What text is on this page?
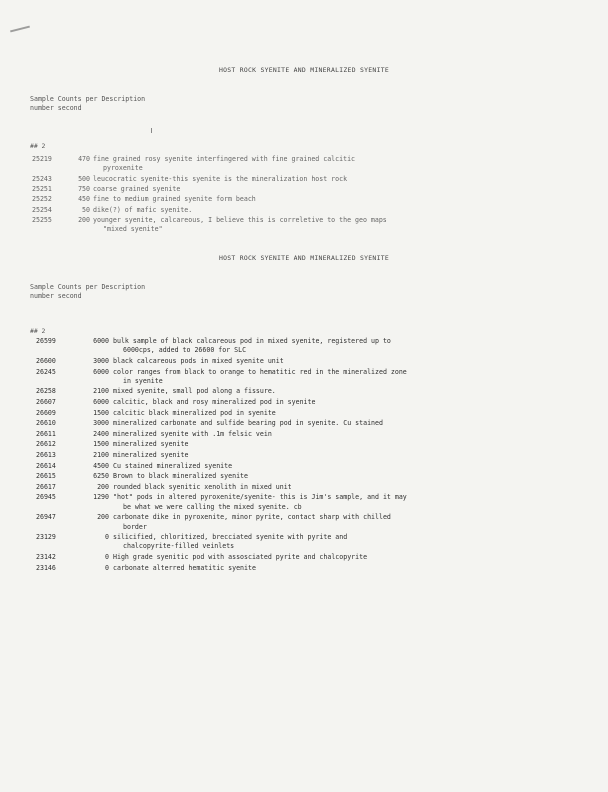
HOST ROCK SYENITE AND MINERALIZED SYENITE
Sample Counts per Description
number second
## 2
25219	470 fine grained rosy syenite interfingered with fine grained calcitic
pyroxenite
25243	500 leucocratic syenite-this syenite is the mineralization host rock
25251	750 coarse grained syenite
25252	450 fine to medium grained syenite form beach
25254	50 dike(?) of mafic syenite.
25255	200 younger syenite, calcareous, I believe this is correletive to the geo maps
"mixed syenite"
HOST ROCK SYENITE AND MINERALIZED SYENITE
Sample Counts per Description
number second
## 2
26599	6000 bulk sample of black calcareous pod in mixed syenite, registered up to
6000cps, added to 26600 for SLC
26600	3000 black calcareous pods in mixed syenite unit
26245	6000 color ranges from black to orange to hematitic red in the mineralized zone
in syenite
26258	2100 mixed syenite, small pod along a fissure.
26607	6000 calcitic, black and rosy mineralized pod in syenite
26609	1500 calcitic black mineralized pod in syenite
26610	3000 mineralized carbonate and sulfide bearing pod in syenite. Cu stained
26611	2400 mineralized syenite with .1m felsic vein
26612	1500 mineralized syenite
26613	2100 mineralized syenite
26614	4500 Cu stained mineralized syenite
26615	6250 Brown to black mineralized syenite
26617	200 rounded black syenitic xenolith in mixed unit
26945	1290 "hot" pods in altered pyroxenite/syenite- this is Jim's sample, and it may
be what we were calling the mixed syenite. cb
26947	200 carbonate dike in pyroxenite, minor pyrite, contact sharp with chilled
border
23129	0 silicified, chloritized, brecciated syenite with pyrite and
chalcopyrite-filled veinlets
23142	0 High grade syenitic pod with assosciated pyrite and chalcopyrite
23146	0 carbonate alterred hematitic syenite
